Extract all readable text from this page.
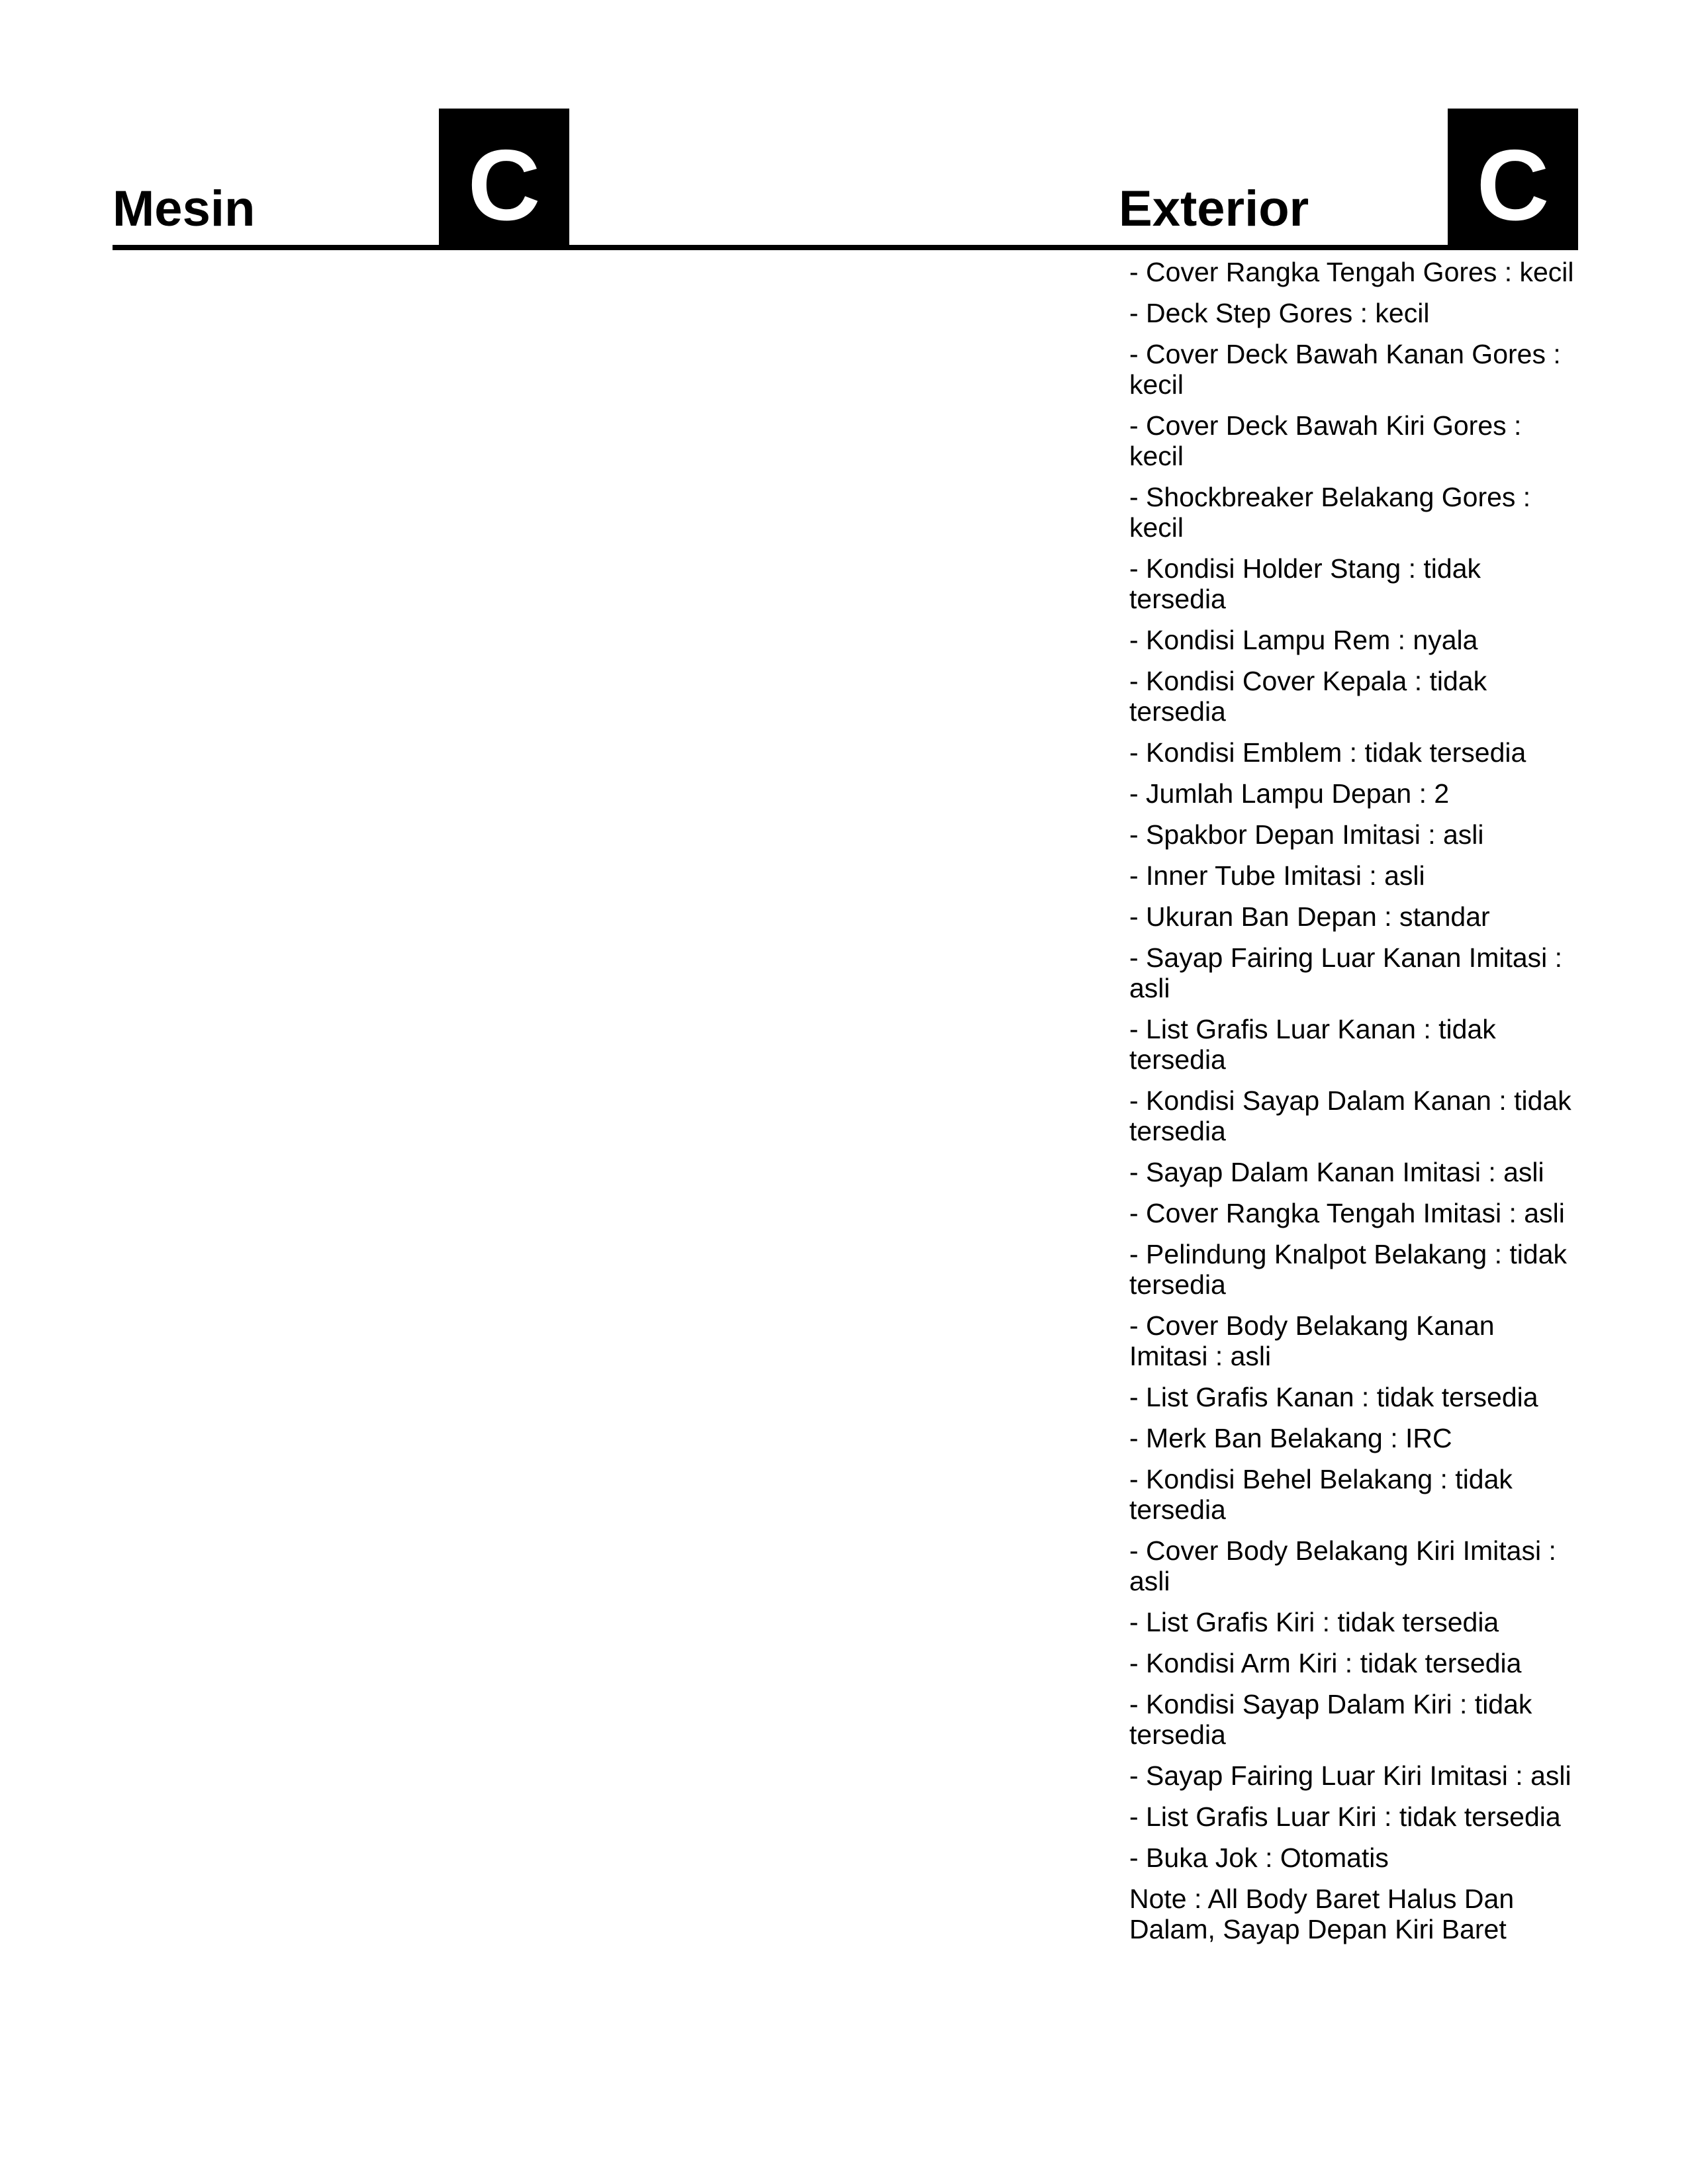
Mesin C	Exterior C
- Cover Rangka Tengah Gores : kecil
- Deck Step Gores : kecil
- Cover Deck Bawah Kanan Gores : kecil
- Cover Deck Bawah Kiri Gores : kecil
- Shockbreaker Belakang Gores : kecil
- Kondisi Holder Stang : tidak tersedia
- Kondisi Lampu Rem : nyala
- Kondisi Cover Kepala : tidak tersedia
- Kondisi Emblem : tidak tersedia
- Jumlah Lampu Depan : 2
- Spakbor Depan Imitasi : asli
- Inner Tube Imitasi : asli
- Ukuran Ban Depan : standar
- Sayap Fairing Luar Kanan Imitasi : asli
- List Grafis Luar Kanan : tidak tersedia
- Kondisi Sayap Dalam Kanan : tidak tersedia
- Sayap Dalam Kanan Imitasi : asli
- Cover Rangka Tengah Imitasi : asli
- Pelindung Knalpot Belakang : tidak tersedia
- Cover Body Belakang Kanan Imitasi : asli
- List Grafis Kanan : tidak tersedia
- Merk Ban Belakang : IRC
- Kondisi Behel Belakang : tidak tersedia
- Cover Body Belakang Kiri Imitasi : asli
- List Grafis Kiri : tidak tersedia
- Kondisi Arm Kiri : tidak tersedia
- Kondisi Sayap Dalam Kiri : tidak tersedia
- Sayap Fairing Luar Kiri Imitasi : asli
- List Grafis Luar Kiri : tidak tersedia
- Buka Jok : Otomatis
Note : All Body Baret Halus Dan Dalam, Sayap Depan Kiri Baret
